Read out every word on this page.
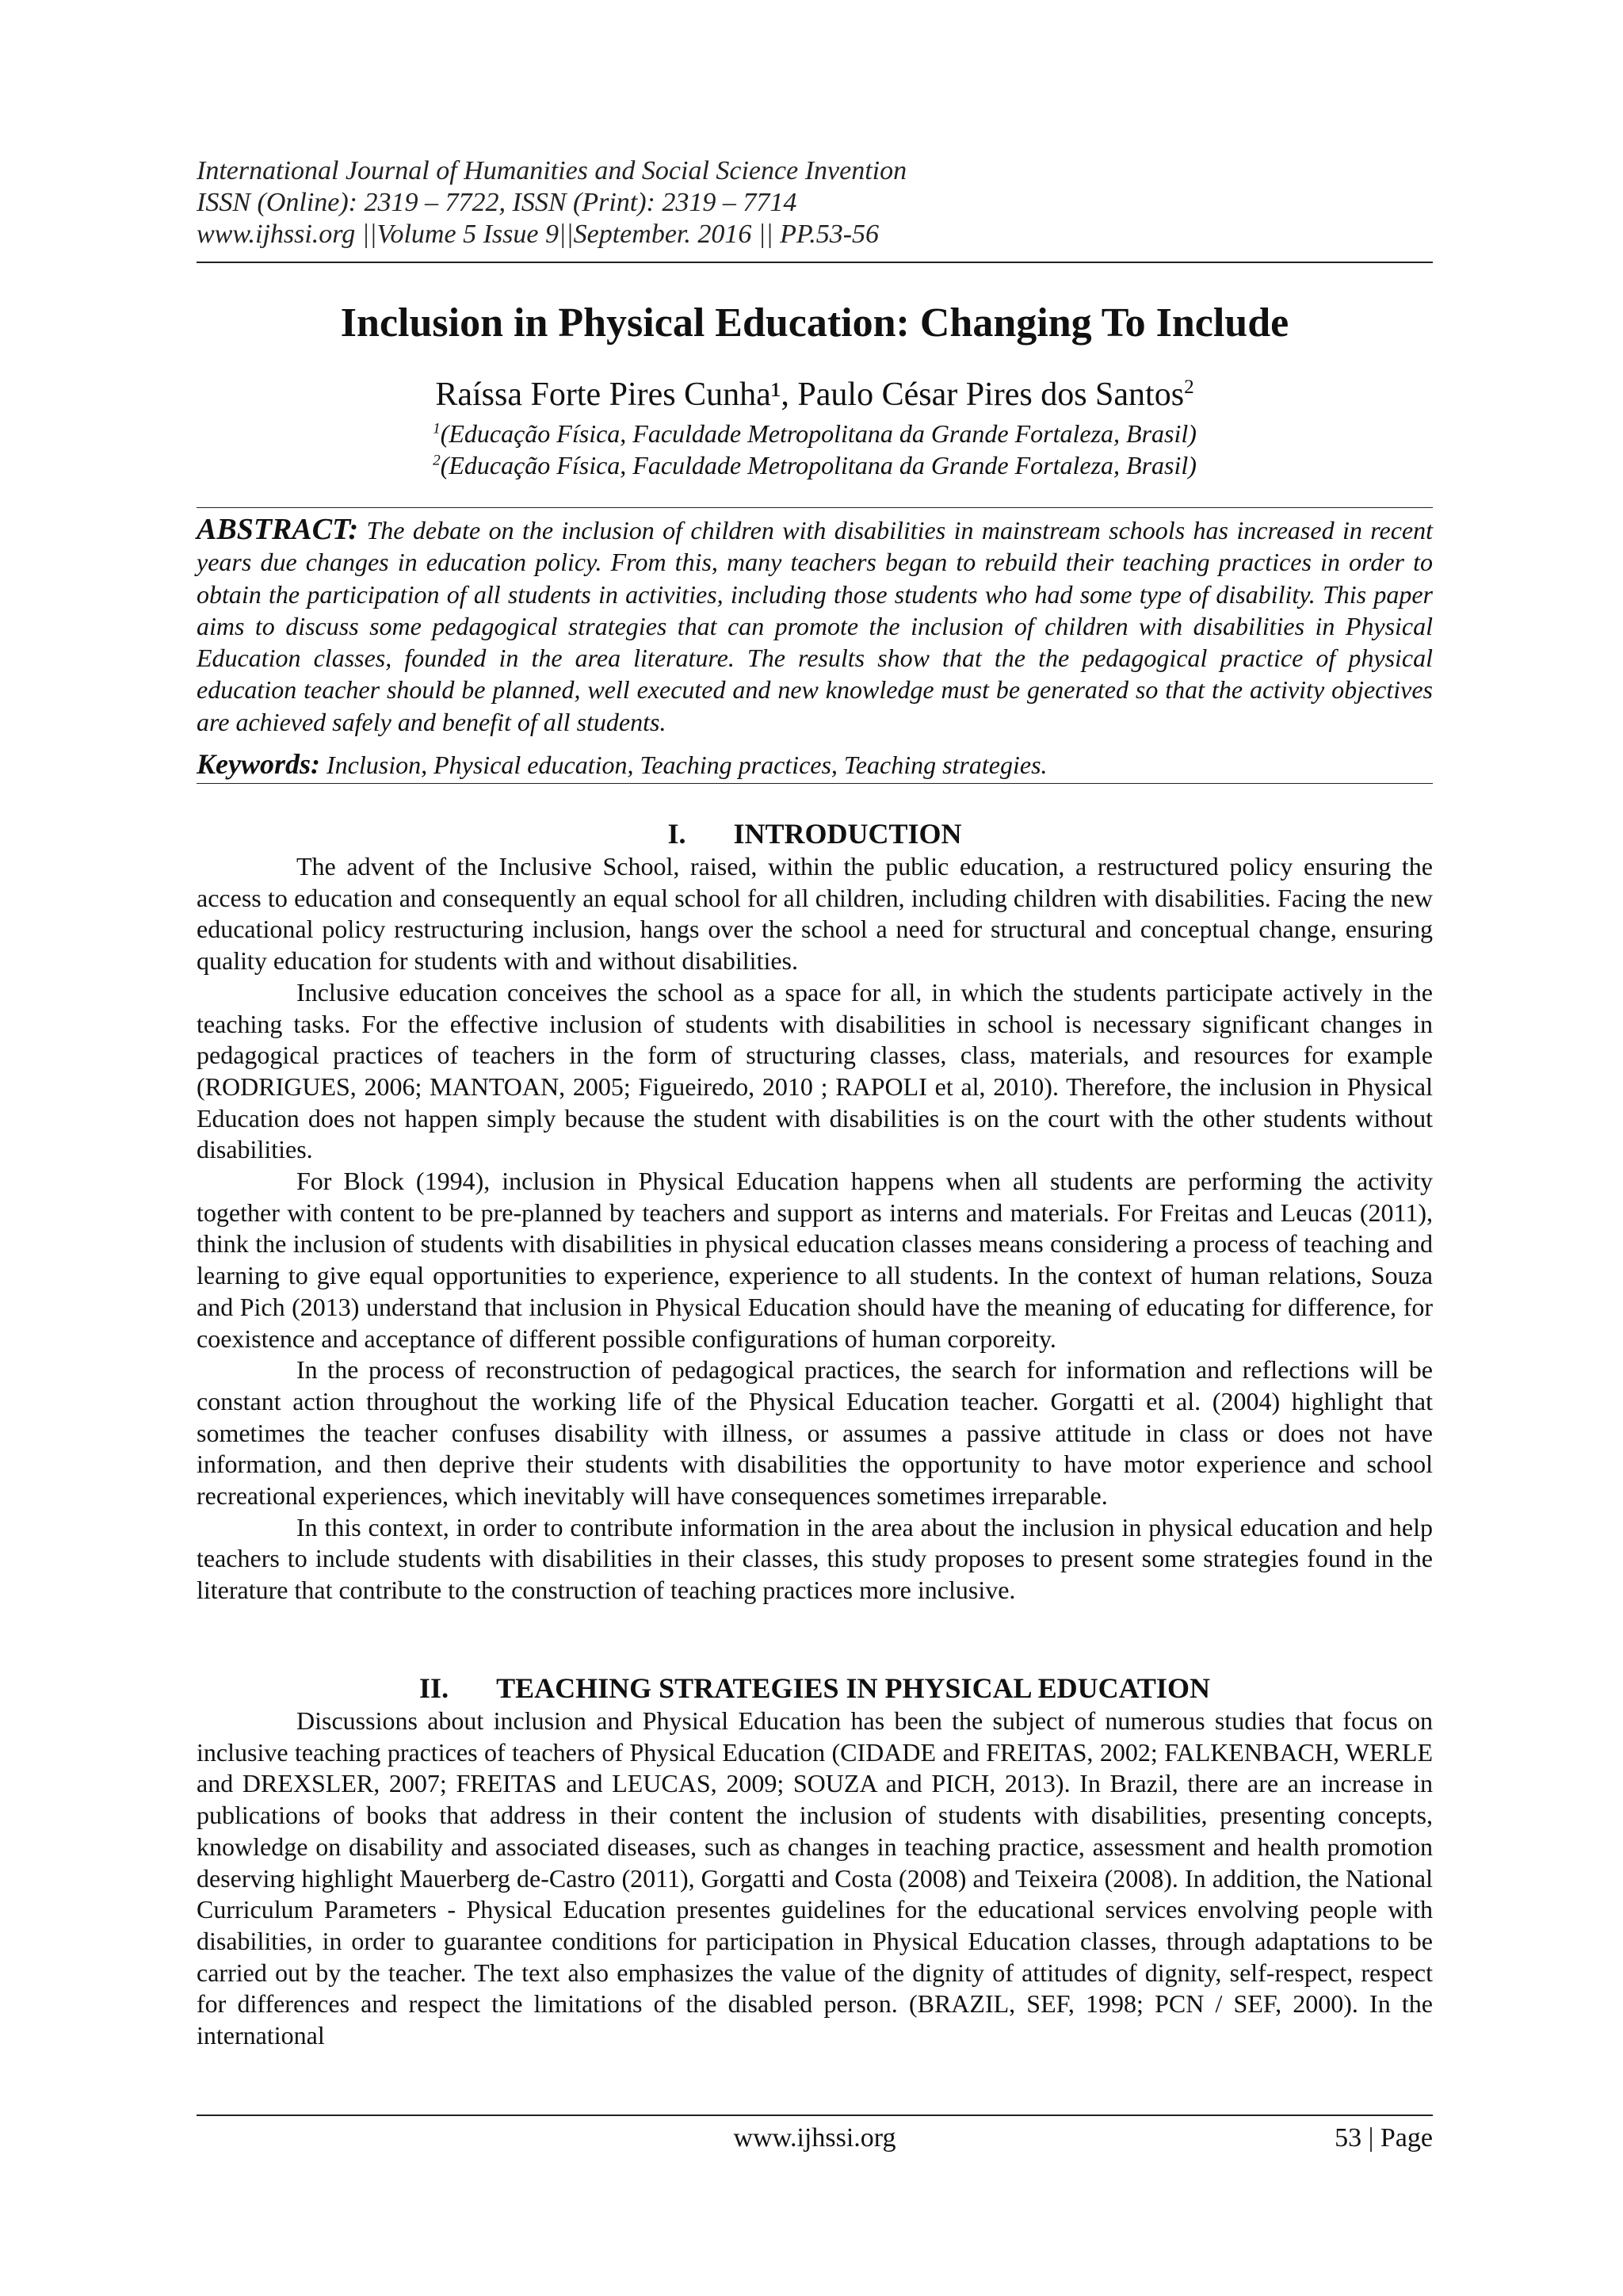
International Journal of Humanities and Social Science Invention
ISSN (Online): 2319 – 7722, ISSN (Print): 2319 – 7714
www.ijhssi.org ||Volume 5 Issue 9||September. 2016 || PP.53-56
Inclusion in Physical Education: Changing To Include
Raíssa Forte Pires Cunha¹, Paulo César Pires dos Santos$^2$
$^1$(Educação Física, Faculdade Metropolitana da Grande Fortaleza, Brasil)
$^2$(Educação Física, Faculdade Metropolitana da Grande Fortaleza, Brasil)
ABSTRACT: The debate on the inclusion of children with disabilities in mainstream schools has increased in recent years due changes in education policy. From this, many teachers began to rebuild their teaching practices in order to obtain the participation of all students in activities, including those students who had some type of disability. This paper aims to discuss some pedagogical strategies that can promote the inclusion of children with disabilities in Physical Education classes, founded in the area literature. The results show that the the pedagogical practice of physical education teacher should be planned, well executed and new knowledge must be generated so that the activity objectives are achieved safely and benefit of all students.
Keywords: Inclusion, Physical education, Teaching practices, Teaching strategies.
I. INTRODUCTION

The advent of the Inclusive School, raised, within the public education, a restructured policy ensuring the access to education and consequently an equal school for all children, including children with disabilities. Facing the new educational policy restructuring inclusion, hangs over the school a need for structural and conceptual change, ensuring quality education for students with and without disabilities.

Inclusive education conceives the school as a space for all, in which the students participate actively in the teaching tasks. For the effective inclusion of students with disabilities in school is necessary significant changes in pedagogical practices of teachers in the form of structuring classes, class, materials, and resources for example (RODRIGUES, 2006; MANTOAN, 2005; Figueiredo, 2010 ; RAPOLI et al, 2010). Therefore, the inclusion in Physical Education does not happen simply because the student with disabilities is on the court with the other students without disabilities.

For Block (1994), inclusion in Physical Education happens when all students are performing the activity together with content to be pre-planned by teachers and support as interns and materials. For Freitas and Leucas (2011), think the inclusion of students with disabilities in physical education classes means considering a process of teaching and learning to give equal opportunities to experience, experience to all students. In the context of human relations, Souza and Pich (2013) understand that inclusion in Physical Education should have the meaning of educating for difference, for coexistence and acceptance of different possible configurations of human corporeity.

In the process of reconstruction of pedagogical practices, the search for information and reflections will be constant action throughout the working life of the Physical Education teacher. Gorgatti et al. (2004) highlight that sometimes the teacher confuses disability with illness, or assumes a passive attitude in class or does not have information, and then deprive their students with disabilities the opportunity to have motor experience and school recreational experiences, which inevitably will have consequences sometimes irreparable.

In this context, in order to contribute information in the area about the inclusion in physical education and help teachers to include students with disabilities in their classes, this study proposes to present some strategies found in the literature that contribute to the construction of teaching practices more inclusive.

II. TEACHING STRATEGIES IN PHYSICAL EDUCATION

Discussions about inclusion and Physical Education has been the subject of numerous studies that focus on inclusive teaching practices of teachers of Physical Education (CIDADE and FREITAS, 2002; FALKENBACH, WERLE and DREXSLER, 2007; FREITAS and LEUCAS, 2009; SOUZA and PICH, 2013). In Brazil, there are an increase in publications of books that address in their content the inclusion of students with disabilities, presenting concepts, knowledge on disability and associated diseases, such as changes in teaching practice, assessment and health promotion deserving highlight Mauerberg de-Castro (2011), Gorgatti and Costa (2008) and Teixeira (2008). In addition, the National Curriculum Parameters - Physical Education presentes guidelines for the educational services envolving people with disabilities, in order to guarantee conditions for participation in Physical Education classes, through adaptations to be carried out by the teacher. The text also emphasizes the value of the dignity of attitudes of dignity, self-respect, respect for differences and respect the limitations of the disabled person. (BRAZIL, SEF, 1998; PCN / SEF, 2000). In the international

www.ijhssi.org	53 | Page
